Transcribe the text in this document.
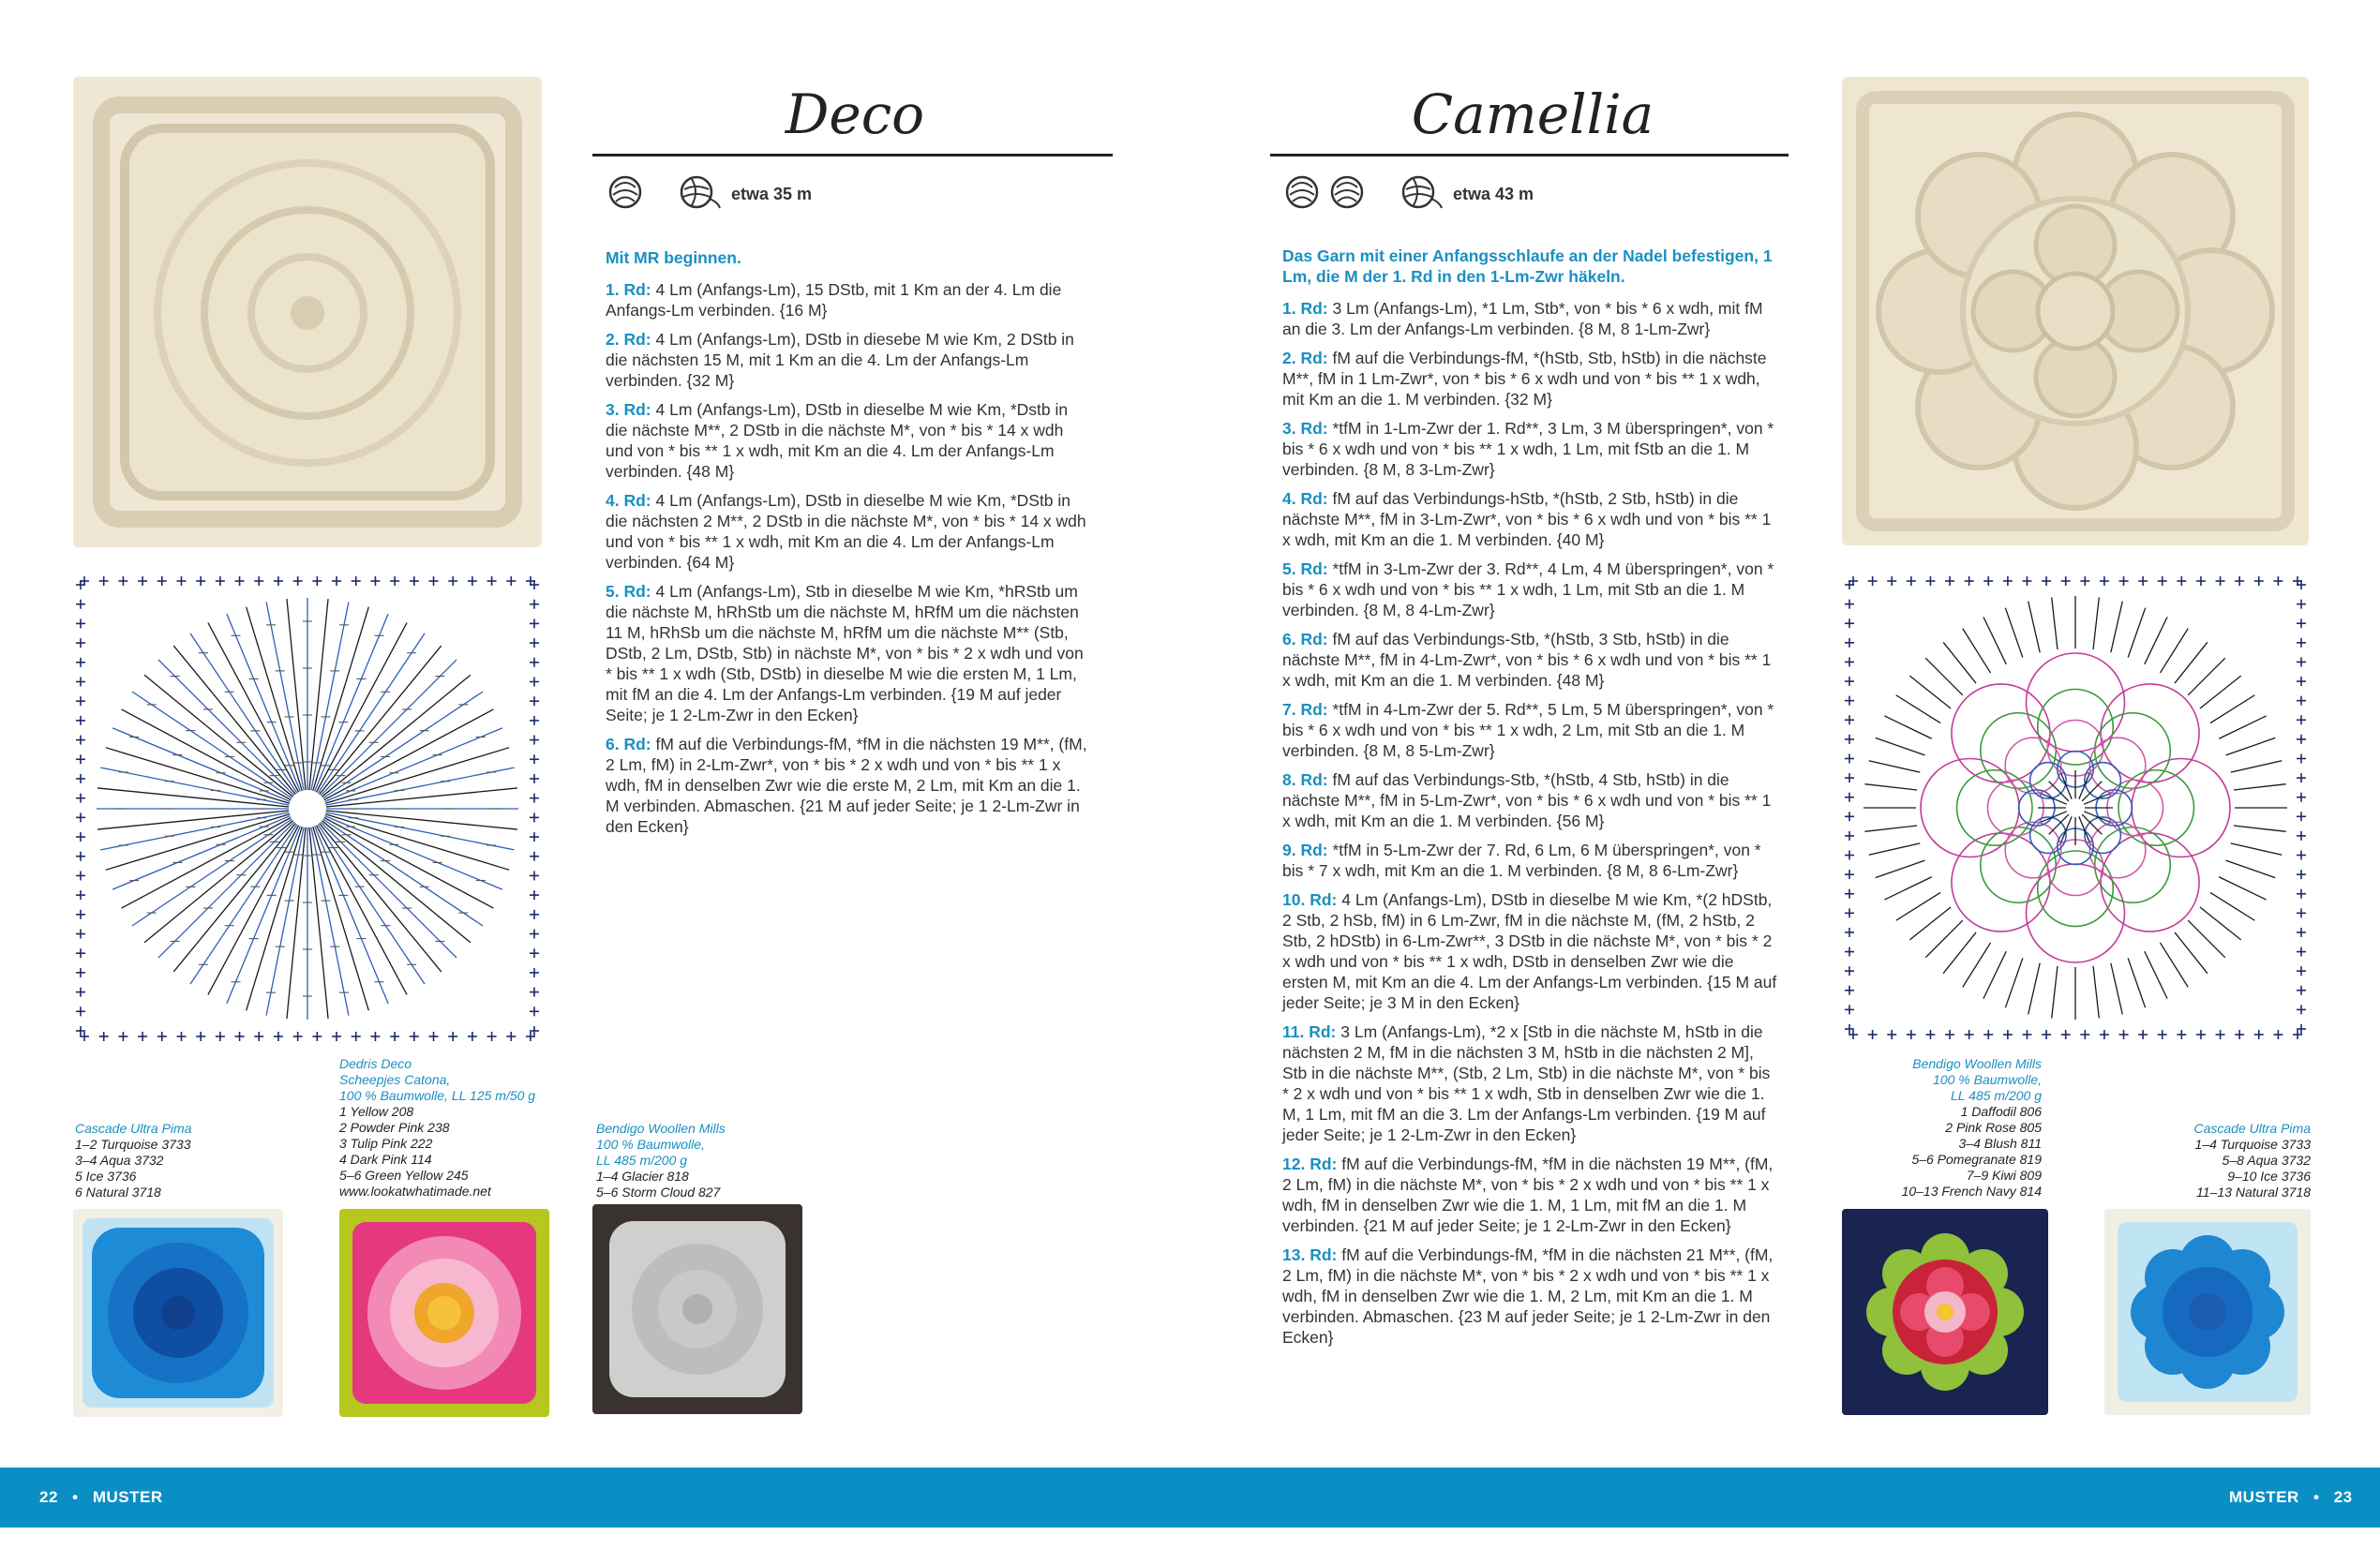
Deco
etwa 35 m

Mit MR beginnen.

1. Rd: 4 Lm (Anfangs-Lm), 15 DStb, mit 1 Km an der 4. Lm die Anfangs-Lm verbinden. {16 M}

2. Rd: 4 Lm (Anfangs-Lm), DStb in diesebe M wie Km, 2 DStb in die nächsten 15 M, mit 1 Km an die 4. Lm der Anfangs-Lm verbinden. {32 M}

3. Rd: 4 Lm (Anfangs-Lm), DStb in dieselbe M wie Km, *Dstb in die nächste M**, 2 DStb in die nächste M*, von * bis * 14 x wdh und von * bis ** 1 x wdh, mit Km an die 4. Lm der Anfangs-Lm verbinden. {48 M}

4. Rd: 4 Lm (Anfangs-Lm), DStb in dieselbe M wie Km, *DStb in die nächsten 2 M**, 2 DStb in die nächste M*, von * bis * 14 x wdh und von * bis ** 1 x wdh, mit Km an die 4. Lm der Anfangs-Lm verbinden. {64 M}

5. Rd: 4 Lm (Anfangs-Lm), Stb in dieselbe M wie Km, *hRStb um die nächste M, hRhStb um die nächste M, hRfM um die nächsten 11 M, hRhSb um die nächste M, hRfM um die nächste M** (Stb, DStb, 2 Lm, DStb, Stb) in nächste M*, von * bis * 2 x wdh und von * bis ** 1 x wdh (Stb, DStb) in dieselbe M wie die ersten M, 1 Lm, mit fM an die 4. Lm der Anfangs-Lm verbinden. {19 M auf jeder Seite; je 1 2-Lm-Zwr in den Ecken}

6. Rd: fM auf die Verbindungs-fM, *fM in die nächsten 19 M**, (fM, 2 Lm, fM) in 2-Lm-Zwr*, von * bis * 2 x wdh und von * bis ** 1 x wdh, fM in denselben Zwr wie die erste M, 2 Lm, mit Km an die 1. M verbinden. Abmaschen. {21 M auf jeder Seite; je 1 2-Lm-Zwr in den Ecken}

Cascade Ultra Pima
1–2 Turquoise 3733
3–4 Aqua 3732
5 Ice 3736
6 Natural 3718
Dedris Deco
Scheepjes Catona,
100 % Baumwolle, LL 125 m/50 g
1 Yellow 208
2 Powder Pink 238
3 Tulip Pink 222
4 Dark Pink 114
5–6 Green Yellow 245
www.lookatwhatimade.net
Bendigo Woollen Mills
100 % Baumwolle,
LL 485 m/200 g
1–4 Glacier 818
5–6 Storm Cloud 827
Camellia
etwa 43 m

Das Garn mit einer Anfangsschlaufe an der Nadel befestigen, 1 Lm, die M der 1. Rd in den 1-Lm-Zwr häkeln.

1. Rd: 3 Lm (Anfangs-Lm), *1 Lm, Stb*, von * bis * 6 x wdh, mit fM an die 3. Lm der Anfangs-Lm verbinden. {8 M, 8 1-Lm-Zwr}

2. Rd: fM auf die Verbindungs-fM, *(hStb, Stb, hStb) in die nächste M**, fM in 1 Lm-Zwr*, von * bis * 6 x wdh und von * bis ** 1 x wdh, mit Km an die 1. M verbinden. {32 M}

3. Rd: *tfM in 1-Lm-Zwr der 1. Rd**, 3 Lm, 3 M überspringen*, von * bis * 6 x wdh und von * bis ** 1 x wdh, 1 Lm, mit fStb an die 1. M verbinden. {8 M, 8 3-Lm-Zwr}

4. Rd: fM auf das Verbindungs-hStb, *(hStb, 2 Stb, hStb) in die nächste M**, fM in 3-Lm-Zwr*, von * bis * 6 x wdh und von * bis ** 1 x wdh, mit Km an die 1. M verbinden. {40 M}

5. Rd: *tfM in 3-Lm-Zwr der 3. Rd**, 4 Lm, 4 M überspringen*, von * bis * 6 x wdh und von * bis ** 1 x wdh, 1 Lm, mit Stb an die 1. M verbinden. {8 M, 8 4-Lm-Zwr}

6. Rd: fM auf das Verbindungs-Stb, *(hStb, 3 Stb, hStb) in die nächste M**, fM in 4-Lm-Zwr*, von * bis * 6 x wdh und von * bis ** 1 x wdh, mit Km an die 1. M verbinden. {48 M}

7. Rd: *tfM in 4-Lm-Zwr der 5. Rd**, 5 Lm, 5 M überspringen*, von * bis * 6 x wdh und von * bis ** 1 x wdh, 2 Lm, mit Stb an die 1. M verbinden. {8 M, 8 5-Lm-Zwr}

8. Rd: fM auf das Verbindungs-Stb, *(hStb, 4 Stb, hStb) in die nächste M**, fM in 5-Lm-Zwr*, von * bis * 6 x wdh und von * bis ** 1 x wdh, mit Km an die 1. M verbinden. {56 M}

9. Rd: *tfM in 5-Lm-Zwr der 7. Rd, 6 Lm, 6 M überspringen*, von * bis * 7 x wdh, mit Km an die 1. M verbinden. {8 M, 8 6-Lm-Zwr}

10. Rd: 4 Lm (Anfangs-Lm), DStb in dieselbe M wie Km, *(2 hDStb, 2 Stb, 2 hSb, fM) in 6 Lm-Zwr, fM in die nächste M, (fM, 2 hStb, 2 Stb, 2 hDStb) in 6-Lm-Zwr**, 3 DStb in die nächste M*, von * bis * 2 x wdh und von * bis ** 1 x wdh, DStb in denselben Zwr wie die ersten M, mit Km an die 4. Lm der Anfangs-Lm verbinden. {15 M auf jeder Seite; je 3 M in den Ecken}

11. Rd: 3 Lm (Anfangs-Lm), *2 x [Stb in die nächste M, hStb in die nächsten 2 M, fM in die nächsten 3 M, hStb in die nächsten 2 M], Stb in die nächste M**, (Stb, 2 Lm, Stb) in die nächste M*, von * bis * 2 x wdh und von * bis ** 1 x wdh, Stb in denselben Zwr wie die 1. M, 1 Lm, mit fM an die 3. Lm der Anfangs-Lm verbinden. {19 M auf jeder Seite; je 1 2-Lm-Zwr in den Ecken}

12. Rd: fM auf die Verbindungs-fM, *fM in die nächsten 19 M**, (fM, 2 Lm, fM) in die nächste M*, von * bis * 2 x wdh und von * bis ** 1 x wdh, fM in denselben Zwr wie die 1. M, 1 Lm, mit fM an die 1. M verbinden. {21 M auf jeder Seite; je 1 2-Lm-Zwr in den Ecken}

13. Rd: fM auf die Verbindungs-fM, *fM in die nächsten 21 M**, (fM, 2 Lm, fM) in die nächste M*, von * bis * 2 x wdh und von * bis ** 1 x wdh, fM in denselben Zwr wie die 1. M, 2 Lm, mit Km an die 1. M verbinden. Abmaschen. {23 M auf jeder Seite; je 1 2-Lm-Zwr in den Ecken}

Bendigo Woollen Mills
100 % Baumwolle,
LL 485 m/200 g
1 Daffodil 806
2 Pink Rose 805
3–4 Blush 811
5–6 Pomegranate 819
7–9 Kiwi 809
10–13 French Navy 814
Cascade Ultra Pima
1–4 Turquoise 3733
5–8 Aqua 3732
9–10 Ice 3736
11–13 Natural 3718
22 • MUSTER	MUSTER • 23
